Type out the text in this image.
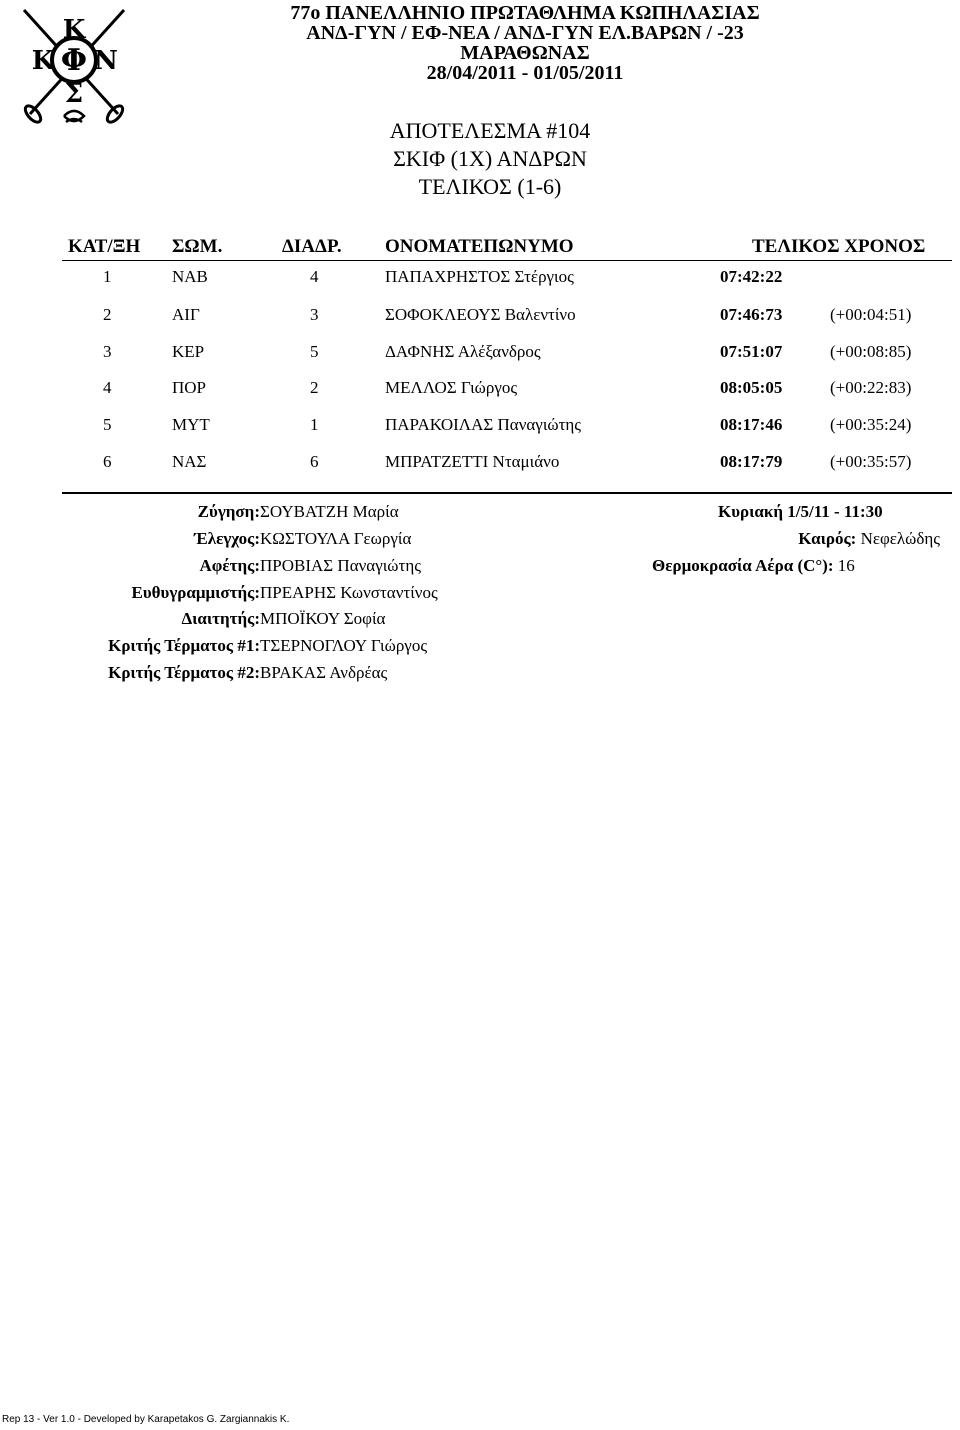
K
Φ
K N
Σ
77ο ΠΑΝΕΛΛΗΝΙΟ ΠΡΩΤΑΘΛΗΜΑ ΚΩΠΗΛΑΣΙΑΣ
ΑΝΔ-ΓΥΝ / ΕΦ-ΝΕΑ / ΑΝΔ-ΓΥΝ ΕΛ.ΒΑΡΩΝ / -23
ΜΑΡΑΘΩΝΑΣ
28/04/2011 - 01/05/2011
ΑΠΟΤΕΛΕΣΜΑ #104
ΣΚΙΦ (1Χ) ΑΝΔΡΩΝ
ΤΕΛΙΚΟΣ (1-6)
ΚΑΤ/ΞΗ ΣΩΜ.	ΔΙΑΔΡ. ΟΝΟΜΑΤΕΠΩΝΥΜΟ	ΤΕΛΙΚΟΣ ΧΡΟΝΟΣ
1	ΝΑΒ	4	ΠΑΠΑΧΡΗΣΤΟΣ Στέργιος	07:42:22
2	ΑΙΓ	3	ΣΟΦΟΚΛΕΟΥΣ Βαλεντίνο	07:46:73	(+00:04:51)
3	ΚΕΡ	5	ΔΑΦΝΗΣ Αλέξανδρος	07:51:07	(+00:08:85)
4	ΠΟΡ	2	ΜΕΛΛΟΣ Γιώργος	08:05:05	(+00:22:83)
5	ΜΥΤ	1	ΠΑΡΑΚΟΙΛΑΣ Παναγιώτης	08:17:46	(+00:35:24)
6	ΝΑΣ	6	ΜΠΡΑΤΖΕΤΤΙ Νταμιάνο	08:17:79	(+00:35:57)
Ζύγηση: ΣΟΥΒΑΤΖΗ Μαρία
Έλεγχος: ΚΩΣΤΟΥΛΑ Γεωργία
Αφέτης: ΠΡΟΒΙΑΣ Παναγιώτης
Ευθυγραμμιστής: ΠΡΕΑΡΗΣ Κωνσταντίνος
Διαιτητής: ΜΠΟΪΚΟΥ Σοφία
Κριτής Τέρματος #1: ΤΣΕΡΝΟΓΛΟΥ Γιώργος
Κριτής Τέρματος #2: ΒΡΑΚΑΣ Ανδρέας
Κυριακή 1/5/11 - 11:30
Καιρός: Νεφελώδης
Θερμοκρασία Αέρα (C°): 16
Rep 13 - Ver 1.0 - Developed by Karapetakos G. Zargiannakis K.
